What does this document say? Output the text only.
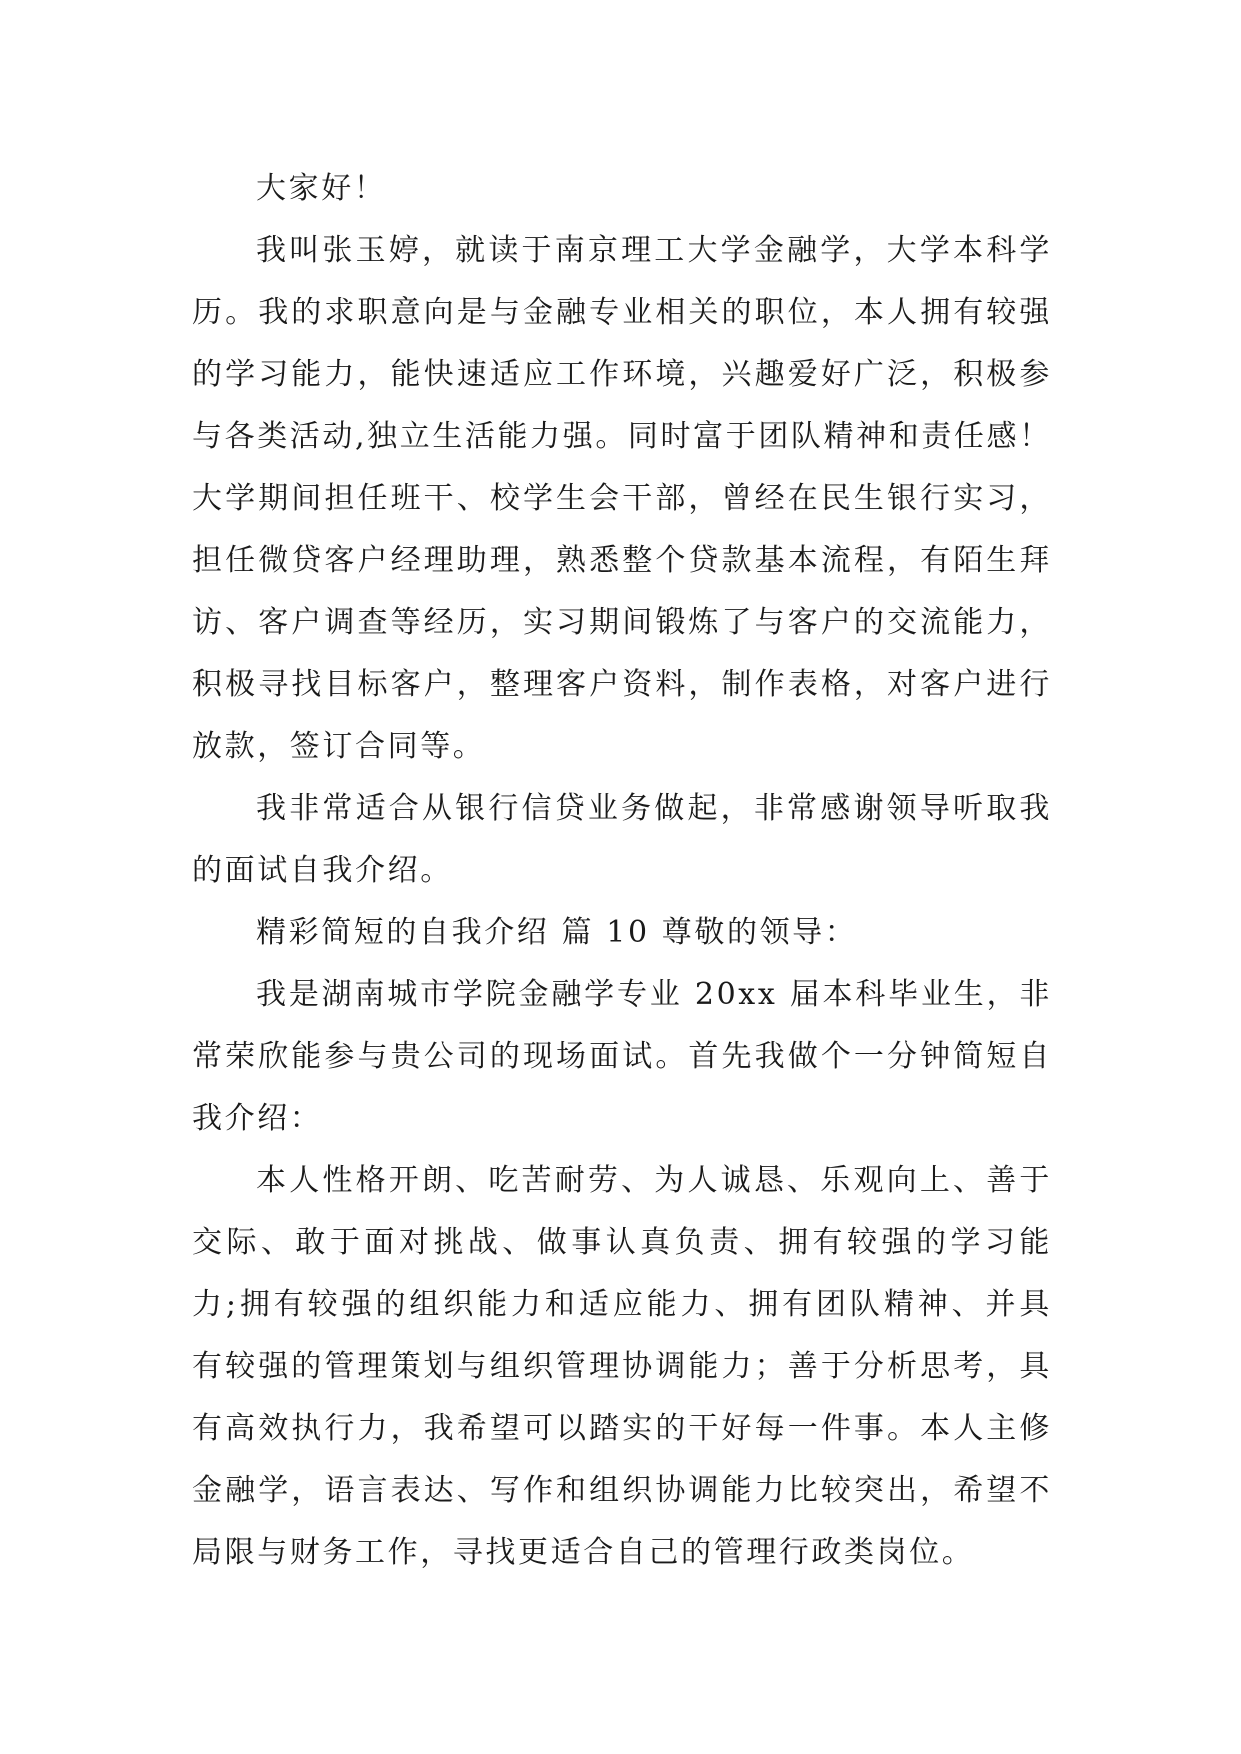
大家好！

我叫张玉婷，就读于南京理工大学金融学，大学本科学历。我的求职意向是与金融专业相关的职位，本人拥有较强的学习能力，能快速适应工作环境，兴趣爱好广泛，积极参与各类活动,独立生活能力强。同时富于团队精神和责任感！

大学期间担任班干、校学生会干部，曾经在民生银行实习，担任微贷客户经理助理，熟悉整个贷款基本流程，有陌生拜访、客户调查等经历，实习期间锻炼了与客户的交流能力，积极寻找目标客户，整理客户资料，制作表格，对客户进行放款，签订合同等。

我非常适合从银行信贷业务做起，非常感谢领导听取我的面试自我介绍。

精彩简短的自我介绍 篇 10 尊敬的领导：

我是湖南城市学院金融学专业 20xx 届本科毕业生，非常荣欣能参与贵公司的现场面试。首先我做个一分钟简短自我介绍：

本人性格开朗、吃苦耐劳、为人诚恳、乐观向上、善于交际、敢于面对挑战、做事认真负责、拥有较强的学习能力;拥有较强的组织能力和适应能力、拥有团队精神、并具有较强的管理策划与组织管理协调能力；善于分析思考，具有高效执行力，我希望可以踏实的干好每一件事。本人主修金融学，语言表达、写作和组织协调能力比较突出，希望不局限与财务工作，寻找更适合自己的管理行政类岗位。
